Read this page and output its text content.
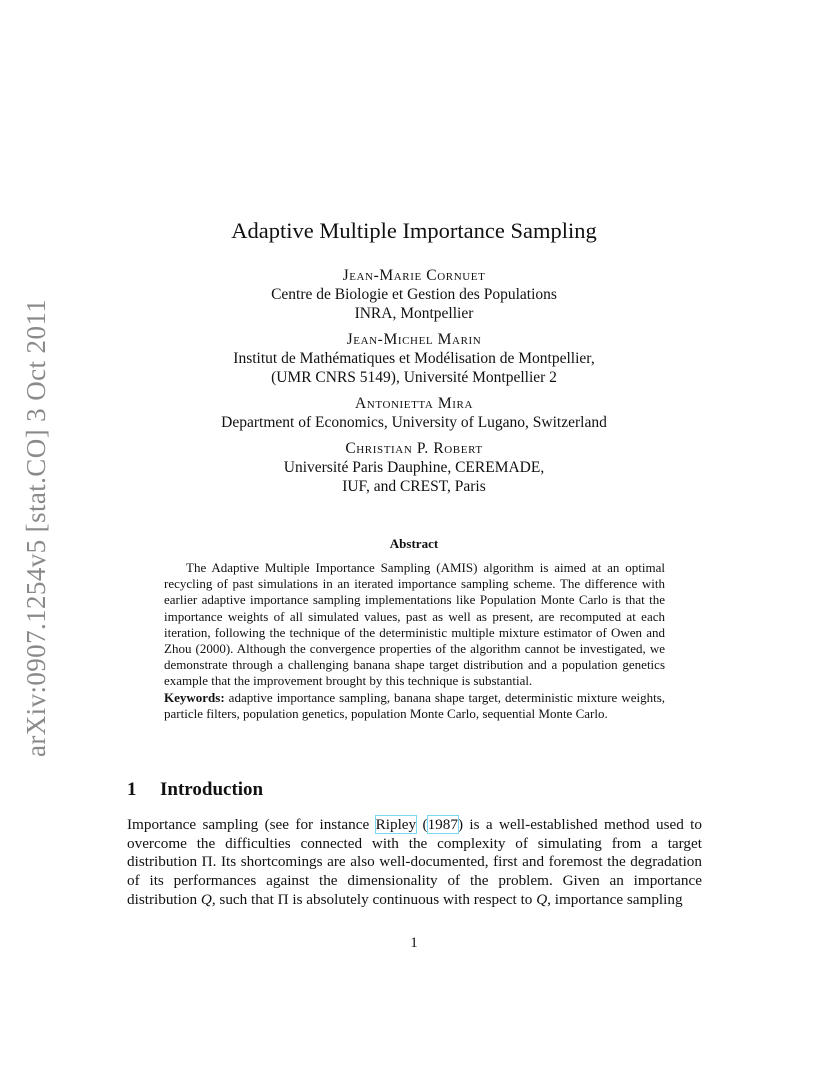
arXiv:0907.1254v5 [stat.CO] 3 Oct 2011
Adaptive Multiple Importance Sampling
Jean-Marie Cornuet
Centre de Biologie et Gestion des Populations
INRA, Montpellier
Jean-Michel Marin
Institut de Mathématiques et Modélisation de Montpellier,
(UMR CNRS 5149), Université Montpellier 2
Antonietta Mira
Department of Economics, University of Lugano, Switzerland
Christian P. Robert
Université Paris Dauphine, CEREMADE,
IUF, and CREST, Paris
Abstract

The Adaptive Multiple Importance Sampling (AMIS) algorithm is aimed at an optimal recycling of past simulations in an iterated importance sampling scheme. The difference with earlier adaptive importance sampling implementations like Population Monte Carlo is that the importance weights of all simulated values, past as well as present, are recomputed at each iteration, following the technique of the deterministic multiple mixture estimator of Owen and Zhou (2000). Although the convergence properties of the algorithm cannot be investigated, we demonstrate through a challenging banana shape target distribution and a population genetics example that the improvement brought by this technique is substantial.

Keywords: adaptive importance sampling, banana shape target, deterministic mixture weights, particle filters, population genetics, population Monte Carlo, sequential Monte Carlo.

1 Introduction

Importance sampling (see for instance Ripley (1987) is a well-established method used to overcome the difficulties connected with the complexity of simulating from a target distribution Π. Its shortcomings are also well-documented, first and foremost the degradation of its performances against the dimensionality of the problem. Given an importance distribution Q, such that Π is absolutely continuous with respect to Q, importance sampling

1
